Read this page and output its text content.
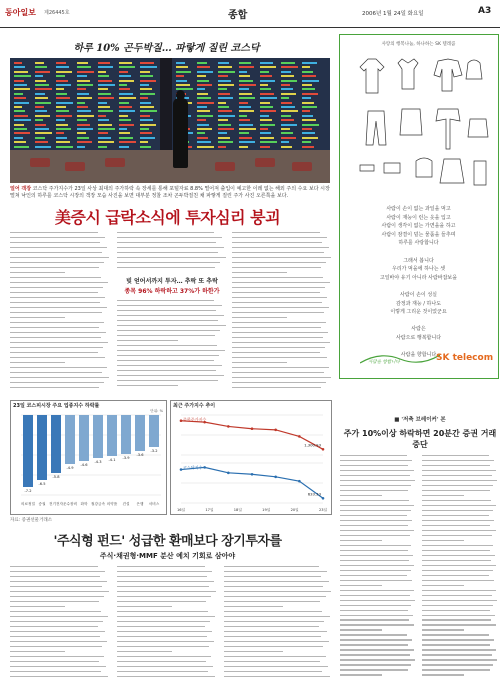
동아일보 제26445호	종합	2006년 1월 24일 화요일	A3
하루 10% 곤두박질… 파랗게 질린 코스닥
얼어 객장 코스닥 주가지수가 23일 사상 최대의 주가하락 속 장세를 통해 포털자료 8.8% 떨어져 출입이 예고한 이레 없는 해외 주의 수요 보다 시장 떨쳐 낙인의 하루를 코스닥 시장의 객장 모습 사진을 보면 대부분 정찰 조차 곤두박질친 채 파랗게 질린 주가 사진 오른쪽을 보다.
美증시 급락소식에 투자심리 붕괴
빚 얻어서까지 투자… 추락 또 추락
종목 96% 하락하고 37%가 하한가
23일 코스피시장 주요 업종지수 하락률
-7.2
의료정밀
-6.5
증권
-5.8
전기전자
-4.9
운수장비
-4.6
화학
-4.3
철강금속
-4.1
의약품
-3.9
건설
-3.6
은행
-3.2
서비스
단위: %
최근 주가지수 추이
종합주가지수
1,300.93
코스닥지수
633.33
16일	17일	18일	19일	20일	23일
자료: 증권선물거래소
'주식형 펀드' 성급한 환매보다 장기투자를
주식·채권형·MMF 분산 예치 기회로 삼아야
사랑의 행복나눔, 하나하는 SK 텔레콤
사람이 손이 없는 과일을 먹고
사람이 재능이 런는 옷을 입고
사람이 생각이 없는 가면을을 하고
사람이 잠결이 덜는 물품을 들추며
하루를 사랑합니다

그래서 봅니다
우리가 먹을에 하나는 셋
고일바야 유기 아니라 사람바잡보을

사람이 손이 성실
감정과 재능 / 하나도
이렇게 그리운 것이었군요

사람은
사람으로 행복합니다

사람을 향합니다
사람을 향합니다	SK telecom
■ '저축 브레이커' 본
주가 10%이상 하락하면 20분간 증권 거래중단
